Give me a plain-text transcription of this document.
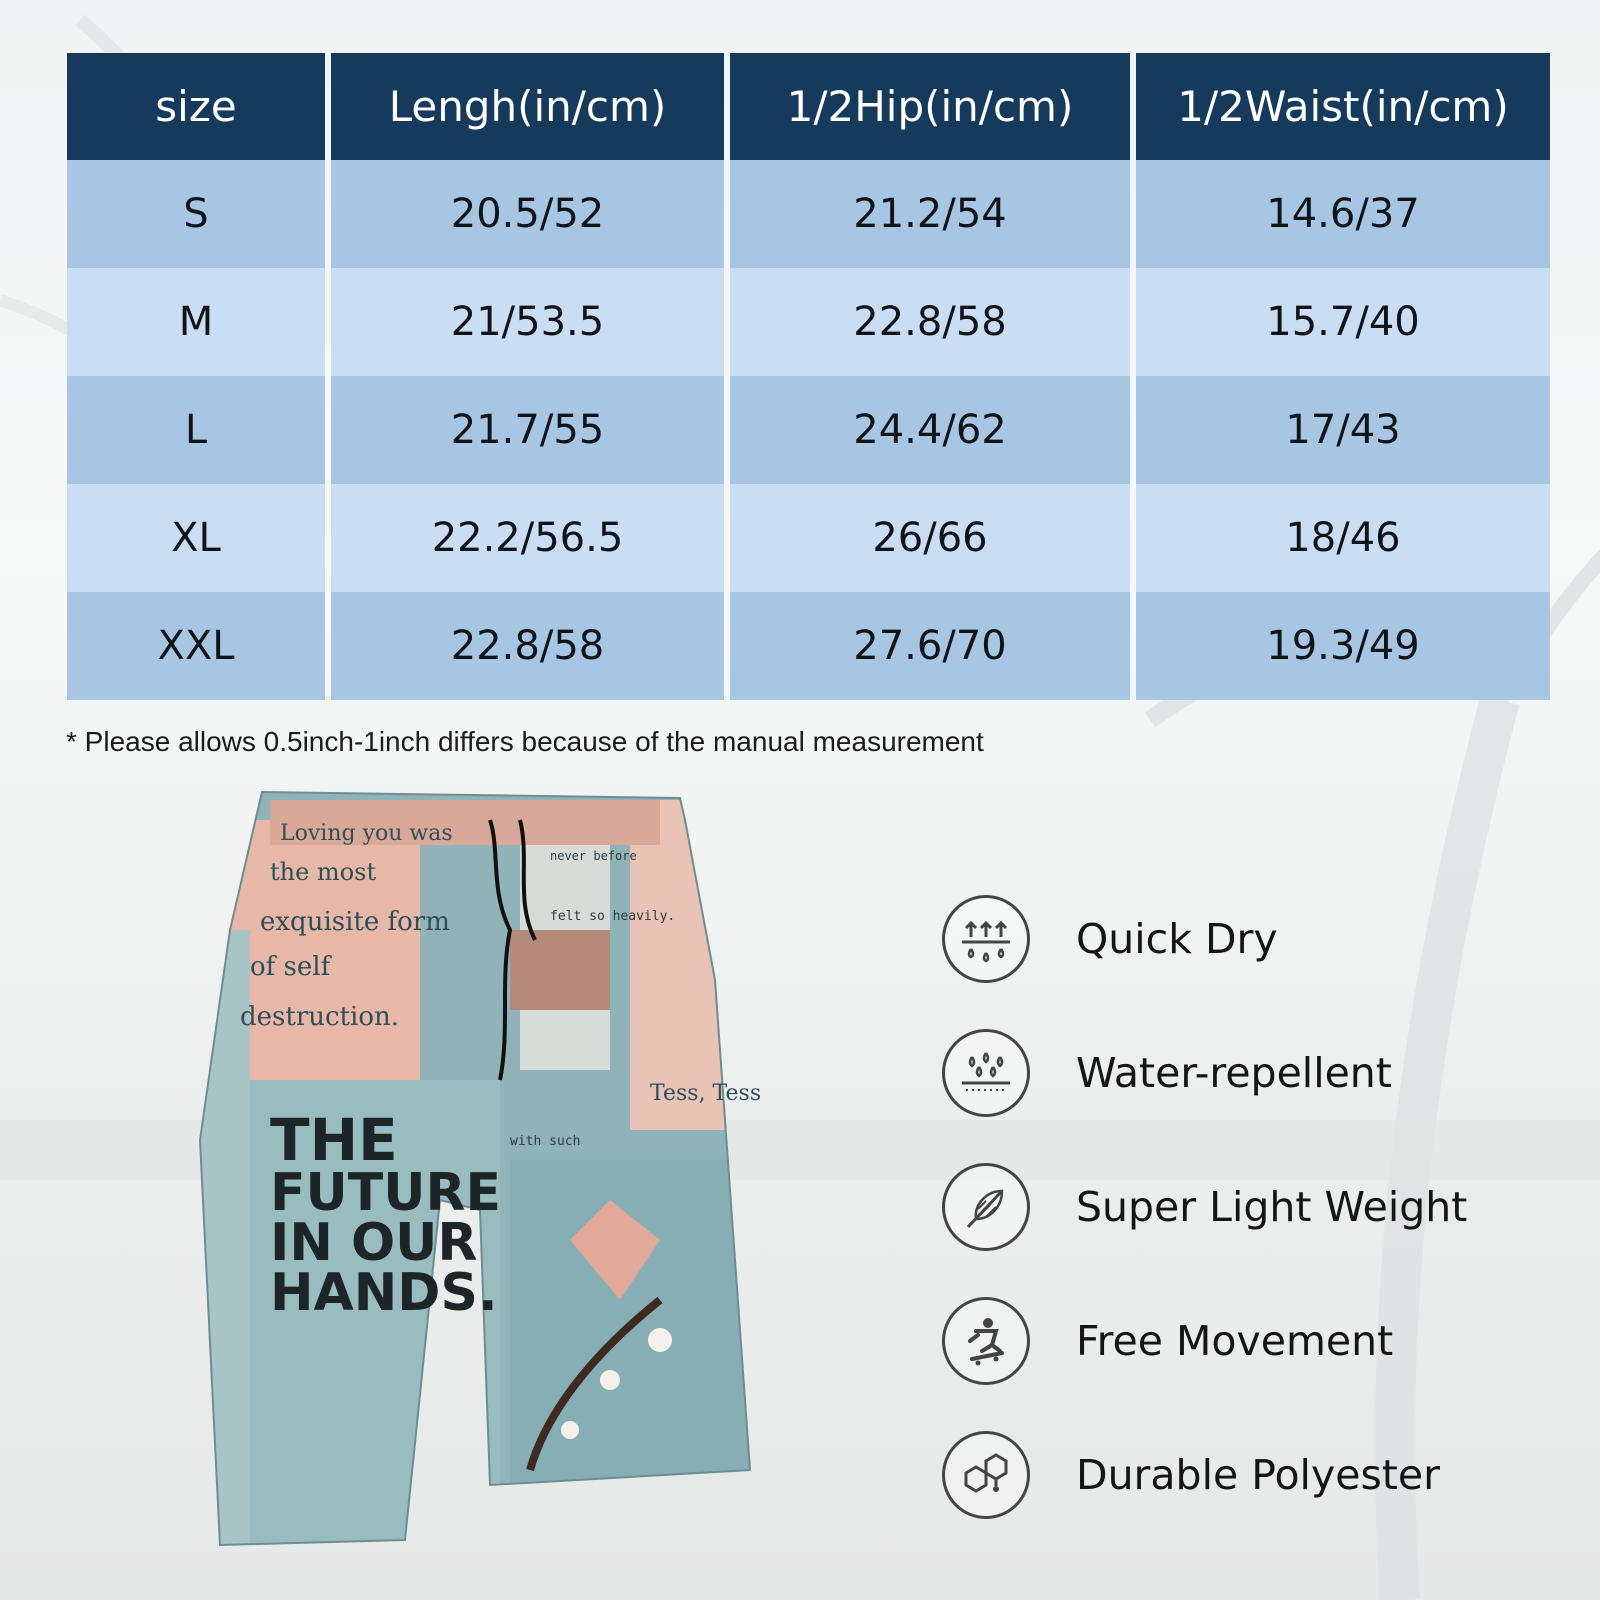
size	Lengh(in/cm)	1/2Hip(in/cm)	1/2Waist(in/cm)
S	20.5/52	21.2/54	14.6/37
M	21/53.5	22.8/58	15.7/40
L	21.7/55	24.4/62	17/43
XL	22.2/56.5	26/66	18/46
XXL	22.8/58	27.6/70	19.3/49
* Please allows 0.5inch-1inch differs because of the manual measurement
Loving you was
the most
exquisite form
of self
destruction.
never before
felt so heavily.
Tess, Tess
with such
THE
FUTURE
IN OUR
HANDS.
Quick Dry
Water-repellent
Super Light Weight
Free Movement
Durable Polyester
